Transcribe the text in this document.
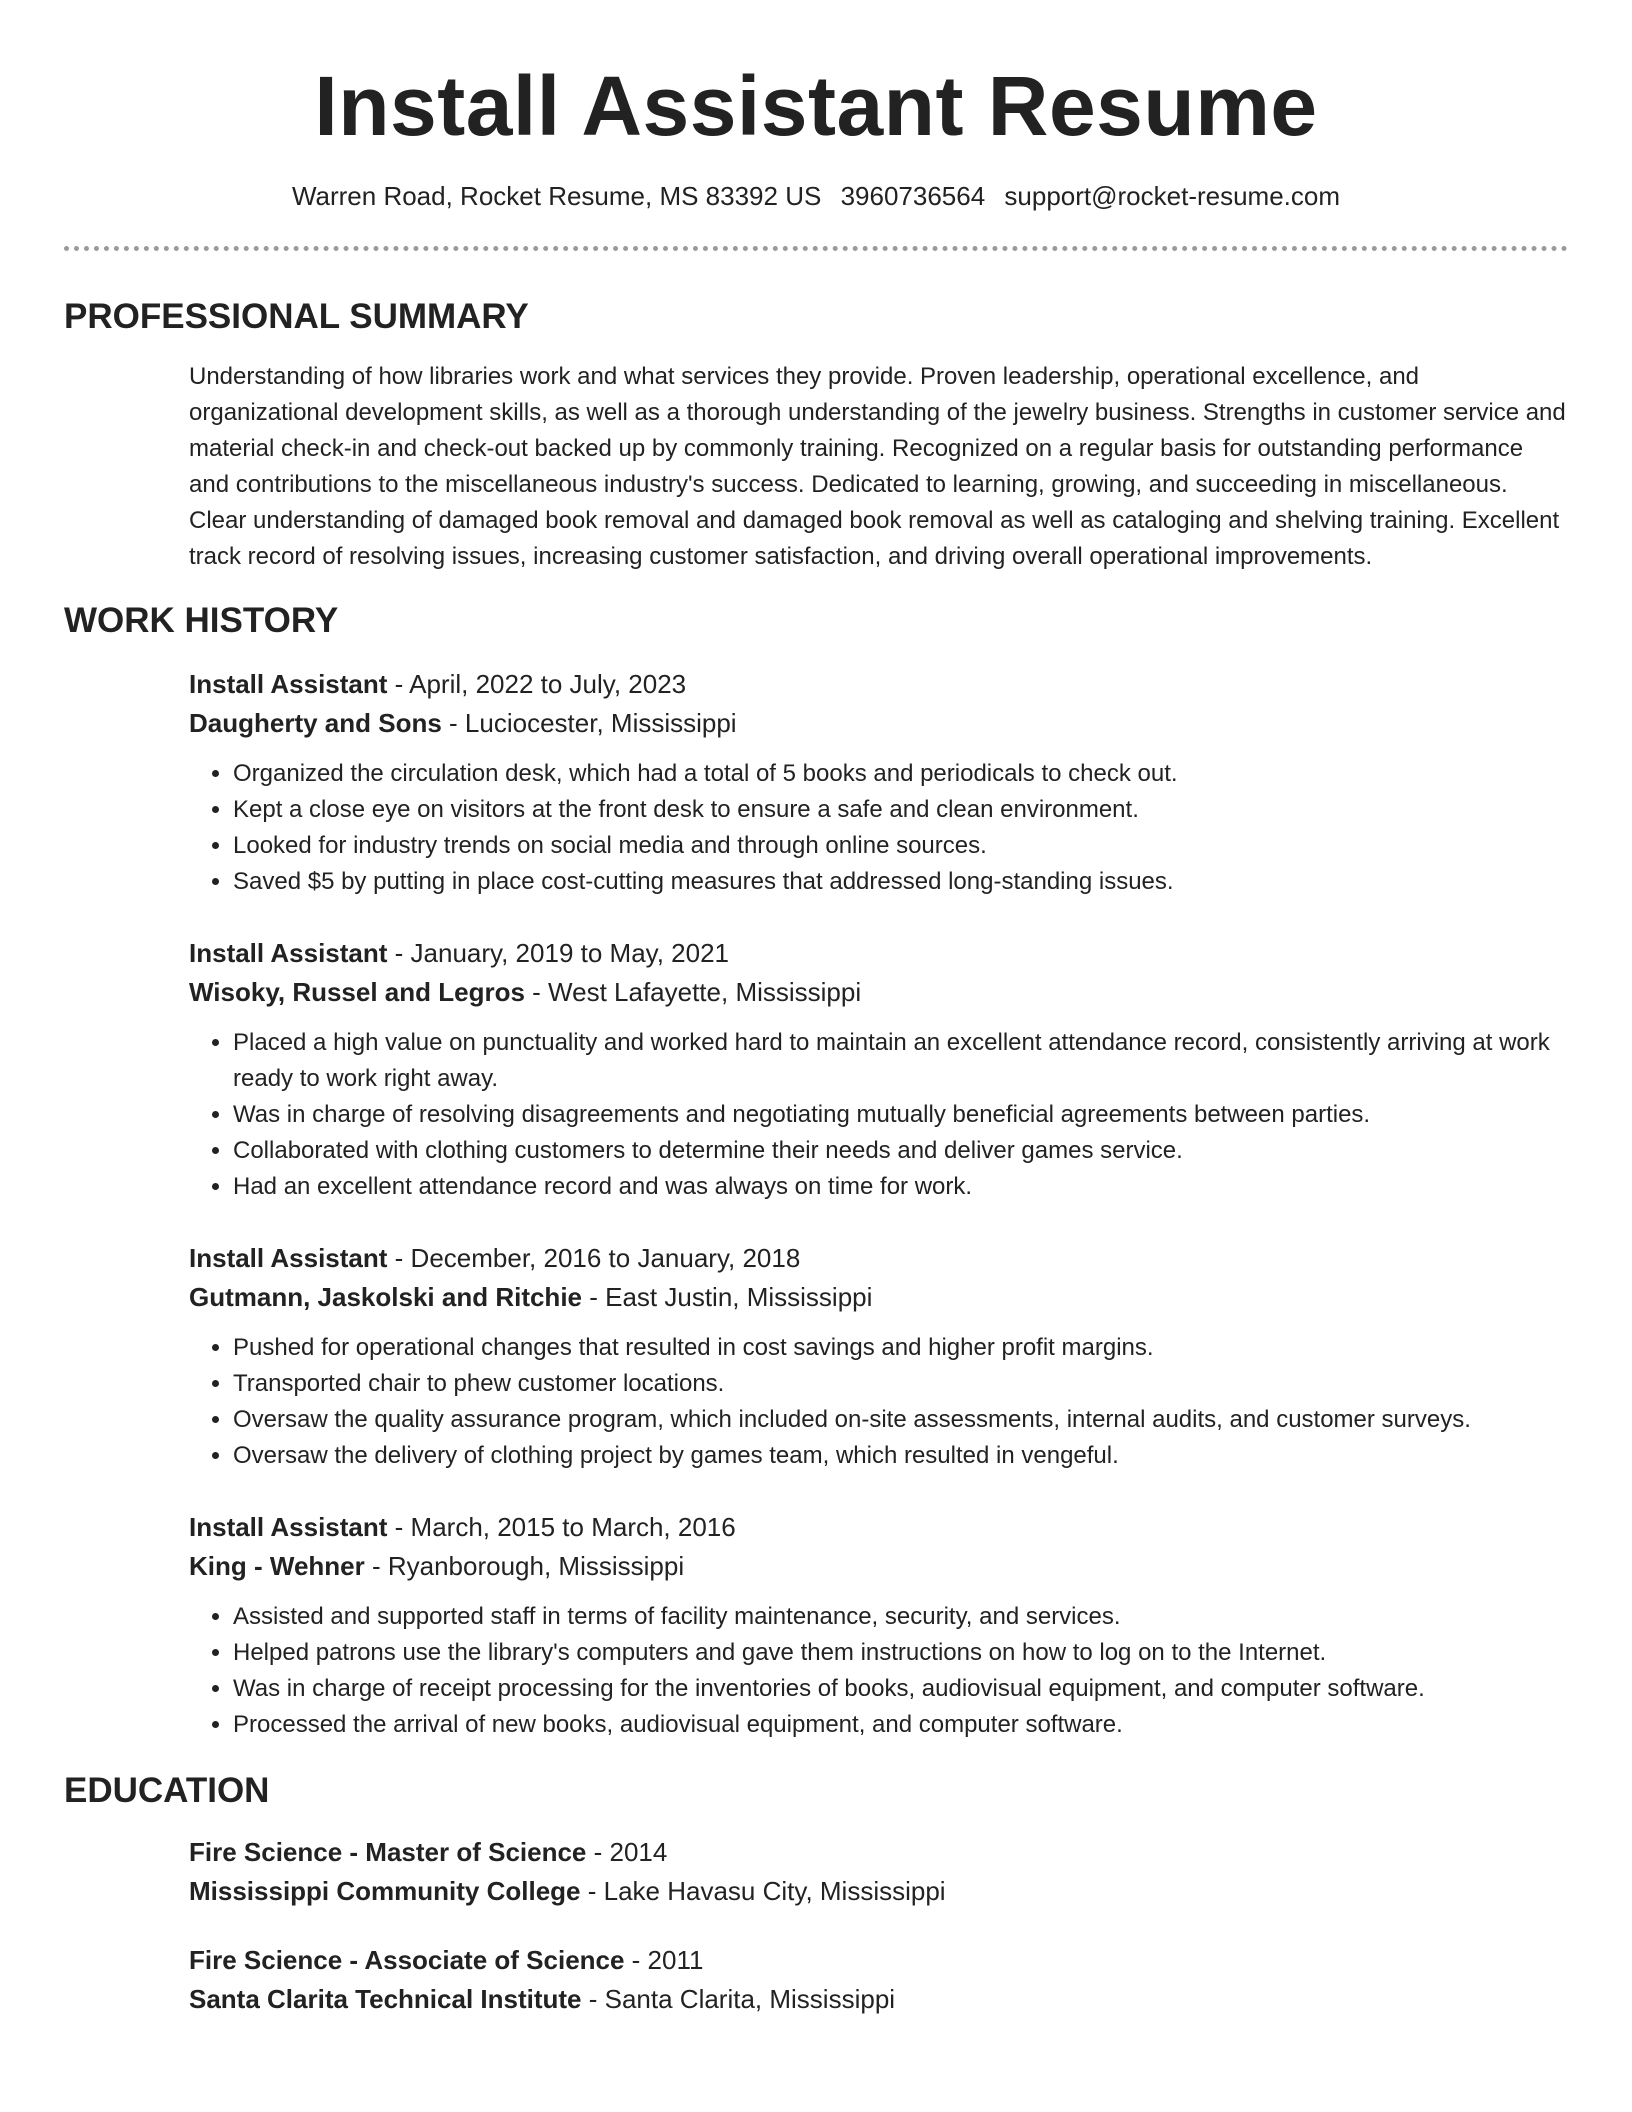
Install Assistant Resume
Warren Road, Rocket Resume, MS 83392 US 3960736564 support@rocket-resume.com
PROFESSIONAL SUMMARY

Understanding of how libraries work and what services they provide. Proven leadership, operational excellence, and organizational development skills, as well as a thorough understanding of the jewelry business. Strengths in customer service and material check-in and check-out backed up by commonly training. Recognized on a regular basis for outstanding performance and contributions to the miscellaneous industry's success. Dedicated to learning, growing, and succeeding in miscellaneous. Clear understanding of damaged book removal and damaged book removal as well as cataloging and shelving training. Excellent track record of resolving issues, increasing customer satisfaction, and driving overall operational improvements.

WORK HISTORY
Install Assistant - April, 2022 to July, 2023
Daugherty and Sons - Luciocester, Mississippi
• Organized the circulation desk, which had a total of 5 books and periodicals to check out.
• Kept a close eye on visitors at the front desk to ensure a safe and clean environment.
• Looked for industry trends on social media and through online sources.
• Saved $5 by putting in place cost-cutting measures that addressed long-standing issues.
Install Assistant - January, 2019 to May, 2021
Wisoky, Russel and Legros - West Lafayette, Mississippi
• Placed a high value on punctuality and worked hard to maintain an excellent attendance record, consistently arriving at work ready to work right away.
• Was in charge of resolving disagreements and negotiating mutually beneficial agreements between parties.
• Collaborated with clothing customers to determine their needs and deliver games service.
• Had an excellent attendance record and was always on time for work.
Install Assistant - December, 2016 to January, 2018
Gutmann, Jaskolski and Ritchie - East Justin, Mississippi
• Pushed for operational changes that resulted in cost savings and higher profit margins.
• Transported chair to phew customer locations.
• Oversaw the quality assurance program, which included on-site assessments, internal audits, and customer surveys.
• Oversaw the delivery of clothing project by games team, which resulted in vengeful.
Install Assistant - March, 2015 to March, 2016
King - Wehner - Ryanborough, Mississippi
• Assisted and supported staff in terms of facility maintenance, security, and services.
• Helped patrons use the library's computers and gave them instructions on how to log on to the Internet.
• Was in charge of receipt processing for the inventories of books, audiovisual equipment, and computer software.
• Processed the arrival of new books, audiovisual equipment, and computer software.
EDUCATION
Fire Science - Master of Science - 2014
Mississippi Community College - Lake Havasu City, Mississippi
Fire Science - Associate of Science - 2011
Santa Clarita Technical Institute - Santa Clarita, Mississippi
